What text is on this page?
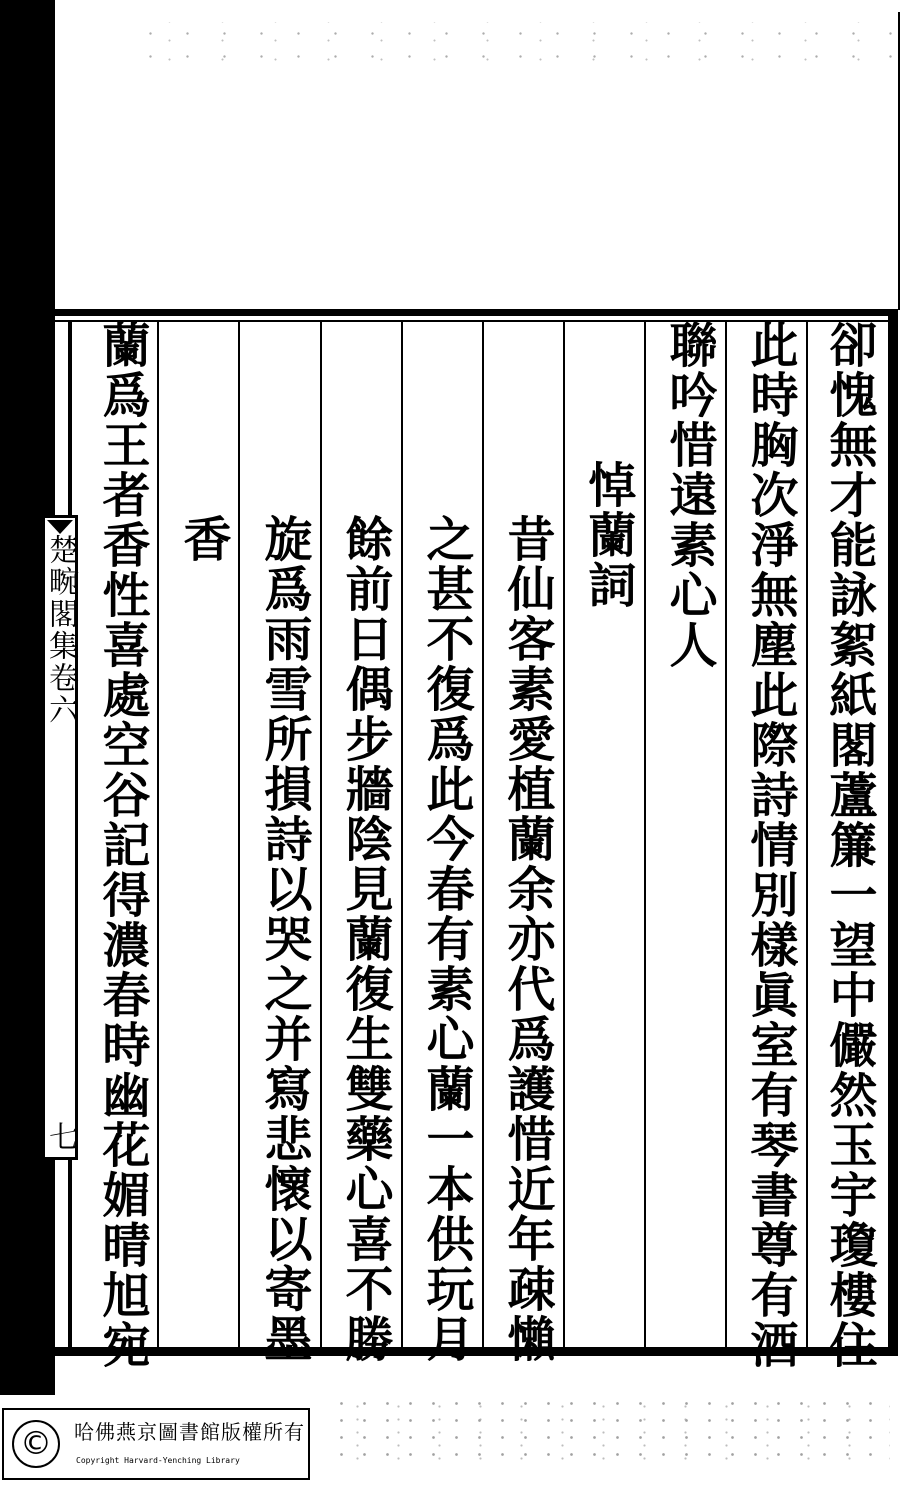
楚畹閣集卷六
七	卻愧無才能詠絮紙閣蘆簾一望中儼然玉宇瓊樓住
此時胸次淨無塵此際詩情別樣眞室有琴書尊有酒
聯吟惜遠素心人
悼蘭詞
昔仙客素愛植蘭余亦代爲護惜近年疎懶
之甚不復爲此今春有素心蘭一本供玩月
餘前日偶步牆陰見蘭復生雙藥心喜不勝
旋爲雨雪所損詩以哭之并寫悲懷以寄墨
香
蘭爲王者香性喜處空谷記得濃春時幽花媚晴旭宛
©	哈佛燕京圖書館版權所有
Copyright Harvard-Yenching Library
